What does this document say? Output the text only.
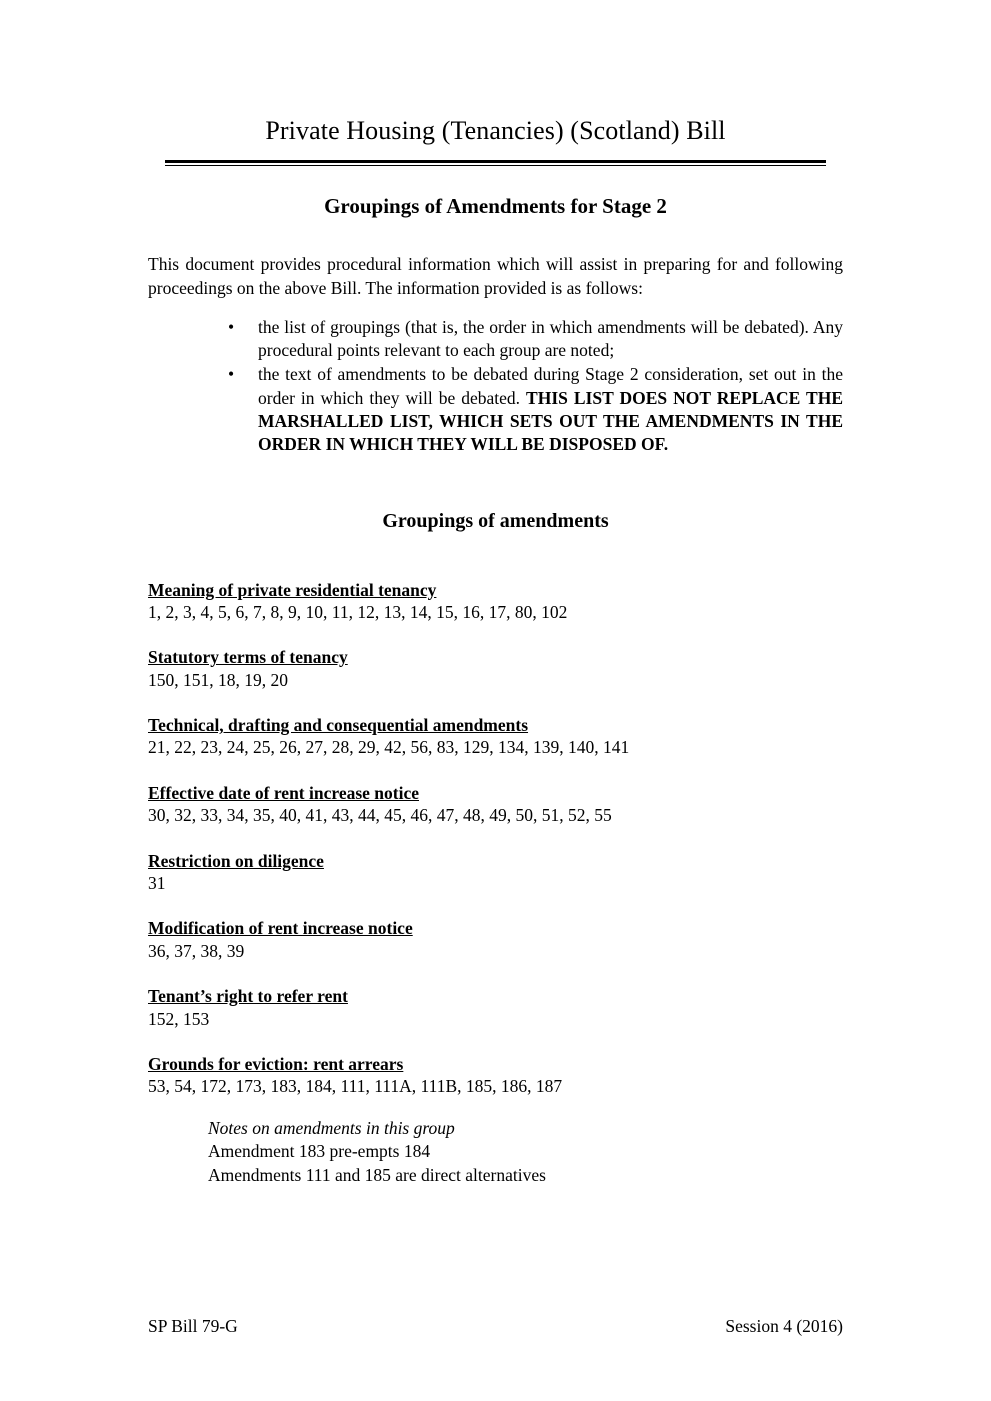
Private Housing (Tenancies) (Scotland) Bill
Groupings of Amendments for Stage 2

This document provides procedural information which will assist in preparing for and following proceedings on the above Bill. The information provided is as follows:

• the list of groupings (that is, the order in which amendments will be debated). Any procedural points relevant to each group are noted;
• the text of amendments to be debated during Stage 2 consideration, set out in the order in which they will be debated. THIS LIST DOES NOT REPLACE THE MARSHALLED LIST, WHICH SETS OUT THE AMENDMENTS IN THE ORDER IN WHICH THEY WILL BE DISPOSED OF.
Groupings of amendments
Meaning of private residential tenancy
1, 2, 3, 4, 5, 6, 7, 8, 9, 10, 11, 12, 13, 14, 15, 16, 17, 80, 102
Statutory terms of tenancy
150, 151, 18, 19, 20
Technical, drafting and consequential amendments
21, 22, 23, 24, 25, 26, 27, 28, 29, 42, 56, 83, 129, 134, 139, 140, 141
Effective date of rent increase notice
30, 32, 33, 34, 35, 40, 41, 43, 44, 45, 46, 47, 48, 49, 50, 51, 52, 55
Restriction on diligence
31
Modification of rent increase notice
36, 37, 38, 39
Tenant’s right to refer rent
152, 153
Grounds for eviction: rent arrears
53, 54, 172, 173, 183, 184, 111, 111A, 111B, 185, 186, 187
Notes on amendments in this group
Amendment 183 pre-empts 184
Amendments 111 and 185 are direct alternatives
SP Bill 79-G	Session 4 (2016)
